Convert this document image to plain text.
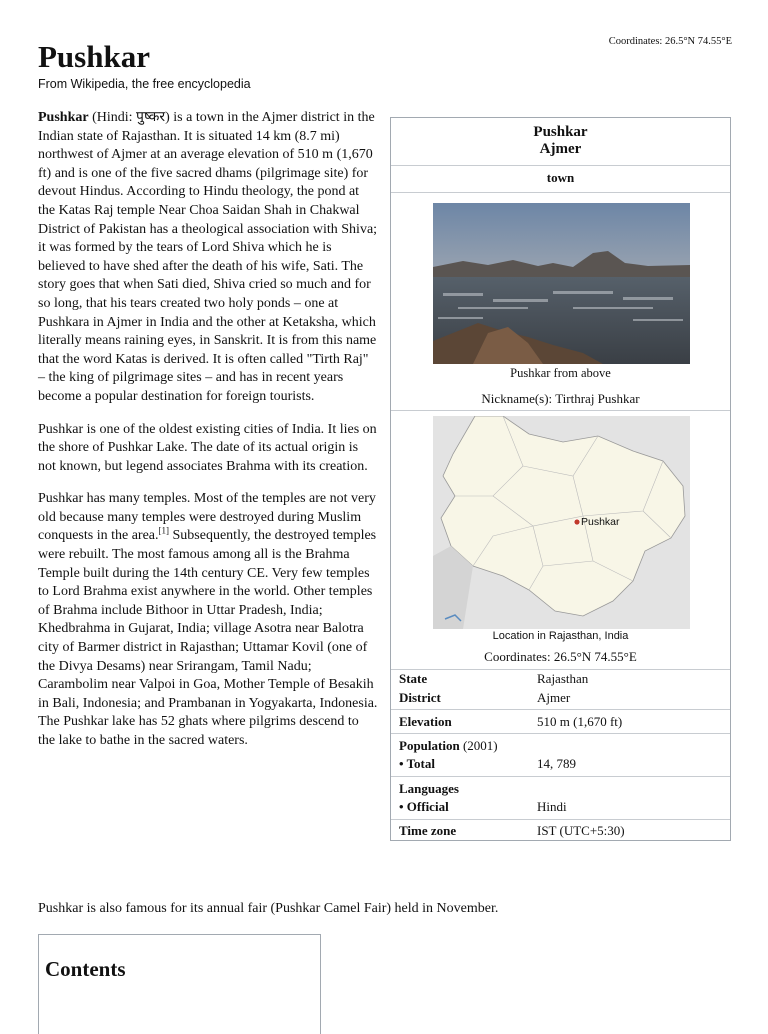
Coordinates: 26.5°N 74.55°E
Pushkar
From Wikipedia, the free encyclopedia

Pushkar (Hindi: पुष्कर) is a town in the Ajmer district in the Indian state of Rajasthan. It is situated 14 km (8.7 mi) northwest of Ajmer at an average elevation of 510 m (1,670 ft) and is one of the five sacred dhams (pilgrimage site) for devout Hindus. According to Hindu theology, the pond at the Katas Raj temple Near Choa Saidan Shah in Chakwal District of Pakistan has a theological association with Shiva; it was formed by the tears of Lord Shiva which he is believed to have shed after the death of his wife, Sati. The story goes that when Sati died, Shiva cried so much and for so long, that his tears created two holy ponds – one at Pushkara in Ajmer in India and the other at Ketaksha, which literally means raining eyes, in Sanskrit. It is from this name that the word Katas is derived. It is often called "Tirth Raj" – the king of pilgrimage sites – and has in recent years become a popular destination for foreign tourists.

Pushkar is one of the oldest existing cities of India. It lies on the shore of Pushkar Lake. The date of its actual origin is not known, but legend associates Brahma with its creation.

Pushkar has many temples. Most of the temples are not very old because many temples were destroyed during Muslim conquests in the area.[1] Subsequently, the destroyed temples were rebuilt. The most famous among all is the Brahma Temple built during the 14th century CE. Very few temples to Lord Brahma exist anywhere in the world. Other temples of Brahma include Bithoor in Uttar Pradesh, India; Khedbrahma in Gujarat, India; village Asotra near Balotra city of Barmer district in Rajasthan; Uttamar Kovil (one of the Divya Desams) near Srirangam, Tamil Nadu; Carambolim near Valpoi in Goa, Mother Temple of Besakih in Bali, Indonesia; and Prambanan in Yogyakarta, Indonesia. The Pushkar lake has 52 ghats where pilgrims descend to the lake to bathe in the sacred waters.

Pushkar is also famous for its annual fair (Pushkar Camel Fair) held in November.
Contents
Pushkar
Ajmer
town
Pushkar from above
Nickname(s): Tirthraj Pushkar
Pushkar
Location in Rajasthan, India
Coordinates: 26.5°N 74.55°E
State	Rajasthan
District	Ajmer
Elevation	510 m (1,670 ft)
Population (2001)
• Total	14, 789
Languages
• Official	Hindi
Time zone	IST (UTC+5:30)
